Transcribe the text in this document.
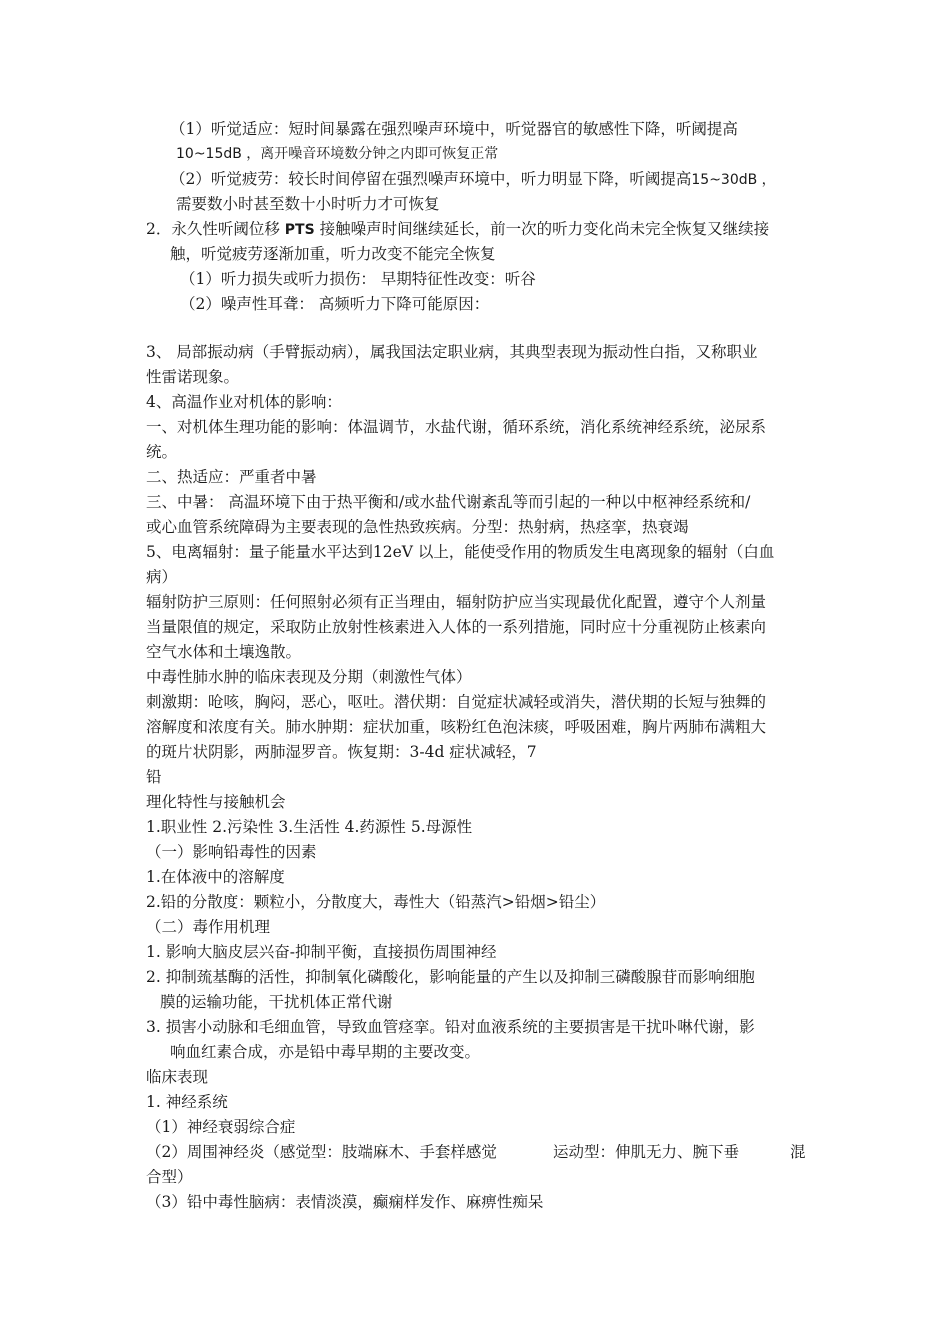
（1）听觉适应：短时间暴露在强烈噪声环境中，听觉器官的敏感性下降，听阈提高
10~15dB ，离开噪音环境数分钟之内即可恢复正常
（2）听觉疲劳：较长时间停留在强烈噪声环境中，听力明显下降，听阈提高15~30dB ，
需要数小时甚至数十小时听力才可恢复
2．永久性听阈位移 PTS 接触噪声时间继续延长，前一次的听力变化尚未完全恢复又继续接
触，听觉疲劳逐渐加重，听力改变不能完全恢复
（1）听力损失或听力损伤： 早期特征性改变：听谷
（2）噪声性耳聋： 高频听力下降可能原因：
3、 局部振动病（手臂振动病），属我国法定职业病，其典型表现为振动性白指，又称职业
性雷诺现象。
4、高温作业对机体的影响：
一、对机体生理功能的影响：体温调节，水盐代谢，循环系统，消化系统神经系统，泌尿系
统。
二、热适应：严重者中暑
三、中暑： 高温环境下由于热平衡和/或水盐代谢紊乱等而引起的一种以中枢神经系统和/
或心血管系统障碍为主要表现的急性热致疾病。分型：热射病，热痉挛，热衰竭
5、电离辐射：量子能量水平达到12eV 以上，能使受作用的物质发生电离现象的辐射（白血
病）
辐射防护三原则：任何照射必须有正当理由，辐射防护应当实现最优化配置，遵守个人剂量
当量限值的规定，采取防止放射性核素进入人体的一系列措施，同时应十分重视防止核素向
空气水体和土壤逸散。
中毒性肺水肿的临床表现及分期（刺激性气体）
刺激期：呛咳，胸闷，恶心，呕吐。潜伏期：自觉症状减轻或消失，潜伏期的长短与独舞的
溶解度和浓度有关。肺水肿期：症状加重，咳粉红色泡沫痰，呼吸困难，胸片两肺布满粗大
的斑片状阴影，两肺湿罗音。恢复期：3-4d 症状减轻，7
铅
理化特性与接触机会
1.职业性 2.污染性 3.生活性 4.药源性 5.母源性
（一）影响铅毒性的因素
1.在体液中的溶解度
2.铅的分散度：颗粒小，分散度大，毒性大（铅蒸汽>铅烟>铅尘）
（二）毒作用机理
1. 影响大脑皮层兴奋-抑制平衡，直接损伤周围神经
2. 抑制巯基酶的活性，抑制氧化磷酸化，影响能量的产生以及抑制三磷酸腺苷而影响细胞
膜的运输功能，干扰机体正常代谢
3. 损害小动脉和毛细血管，导致血管痉挛。铅对血液系统的主要损害是干扰卟啉代谢，影
响血红素合成，亦是铅中毒早期的主要改变。
临床表现
1. 神经系统
（1）神经衰弱综合症
（2）周围神经炎（感觉型：肢端麻木、手套样感觉	运动型：伸肌无力、腕下垂	混
合型）
（3）铅中毒性脑病：表情淡漠，癫痫样发作、麻痹性痴呆
